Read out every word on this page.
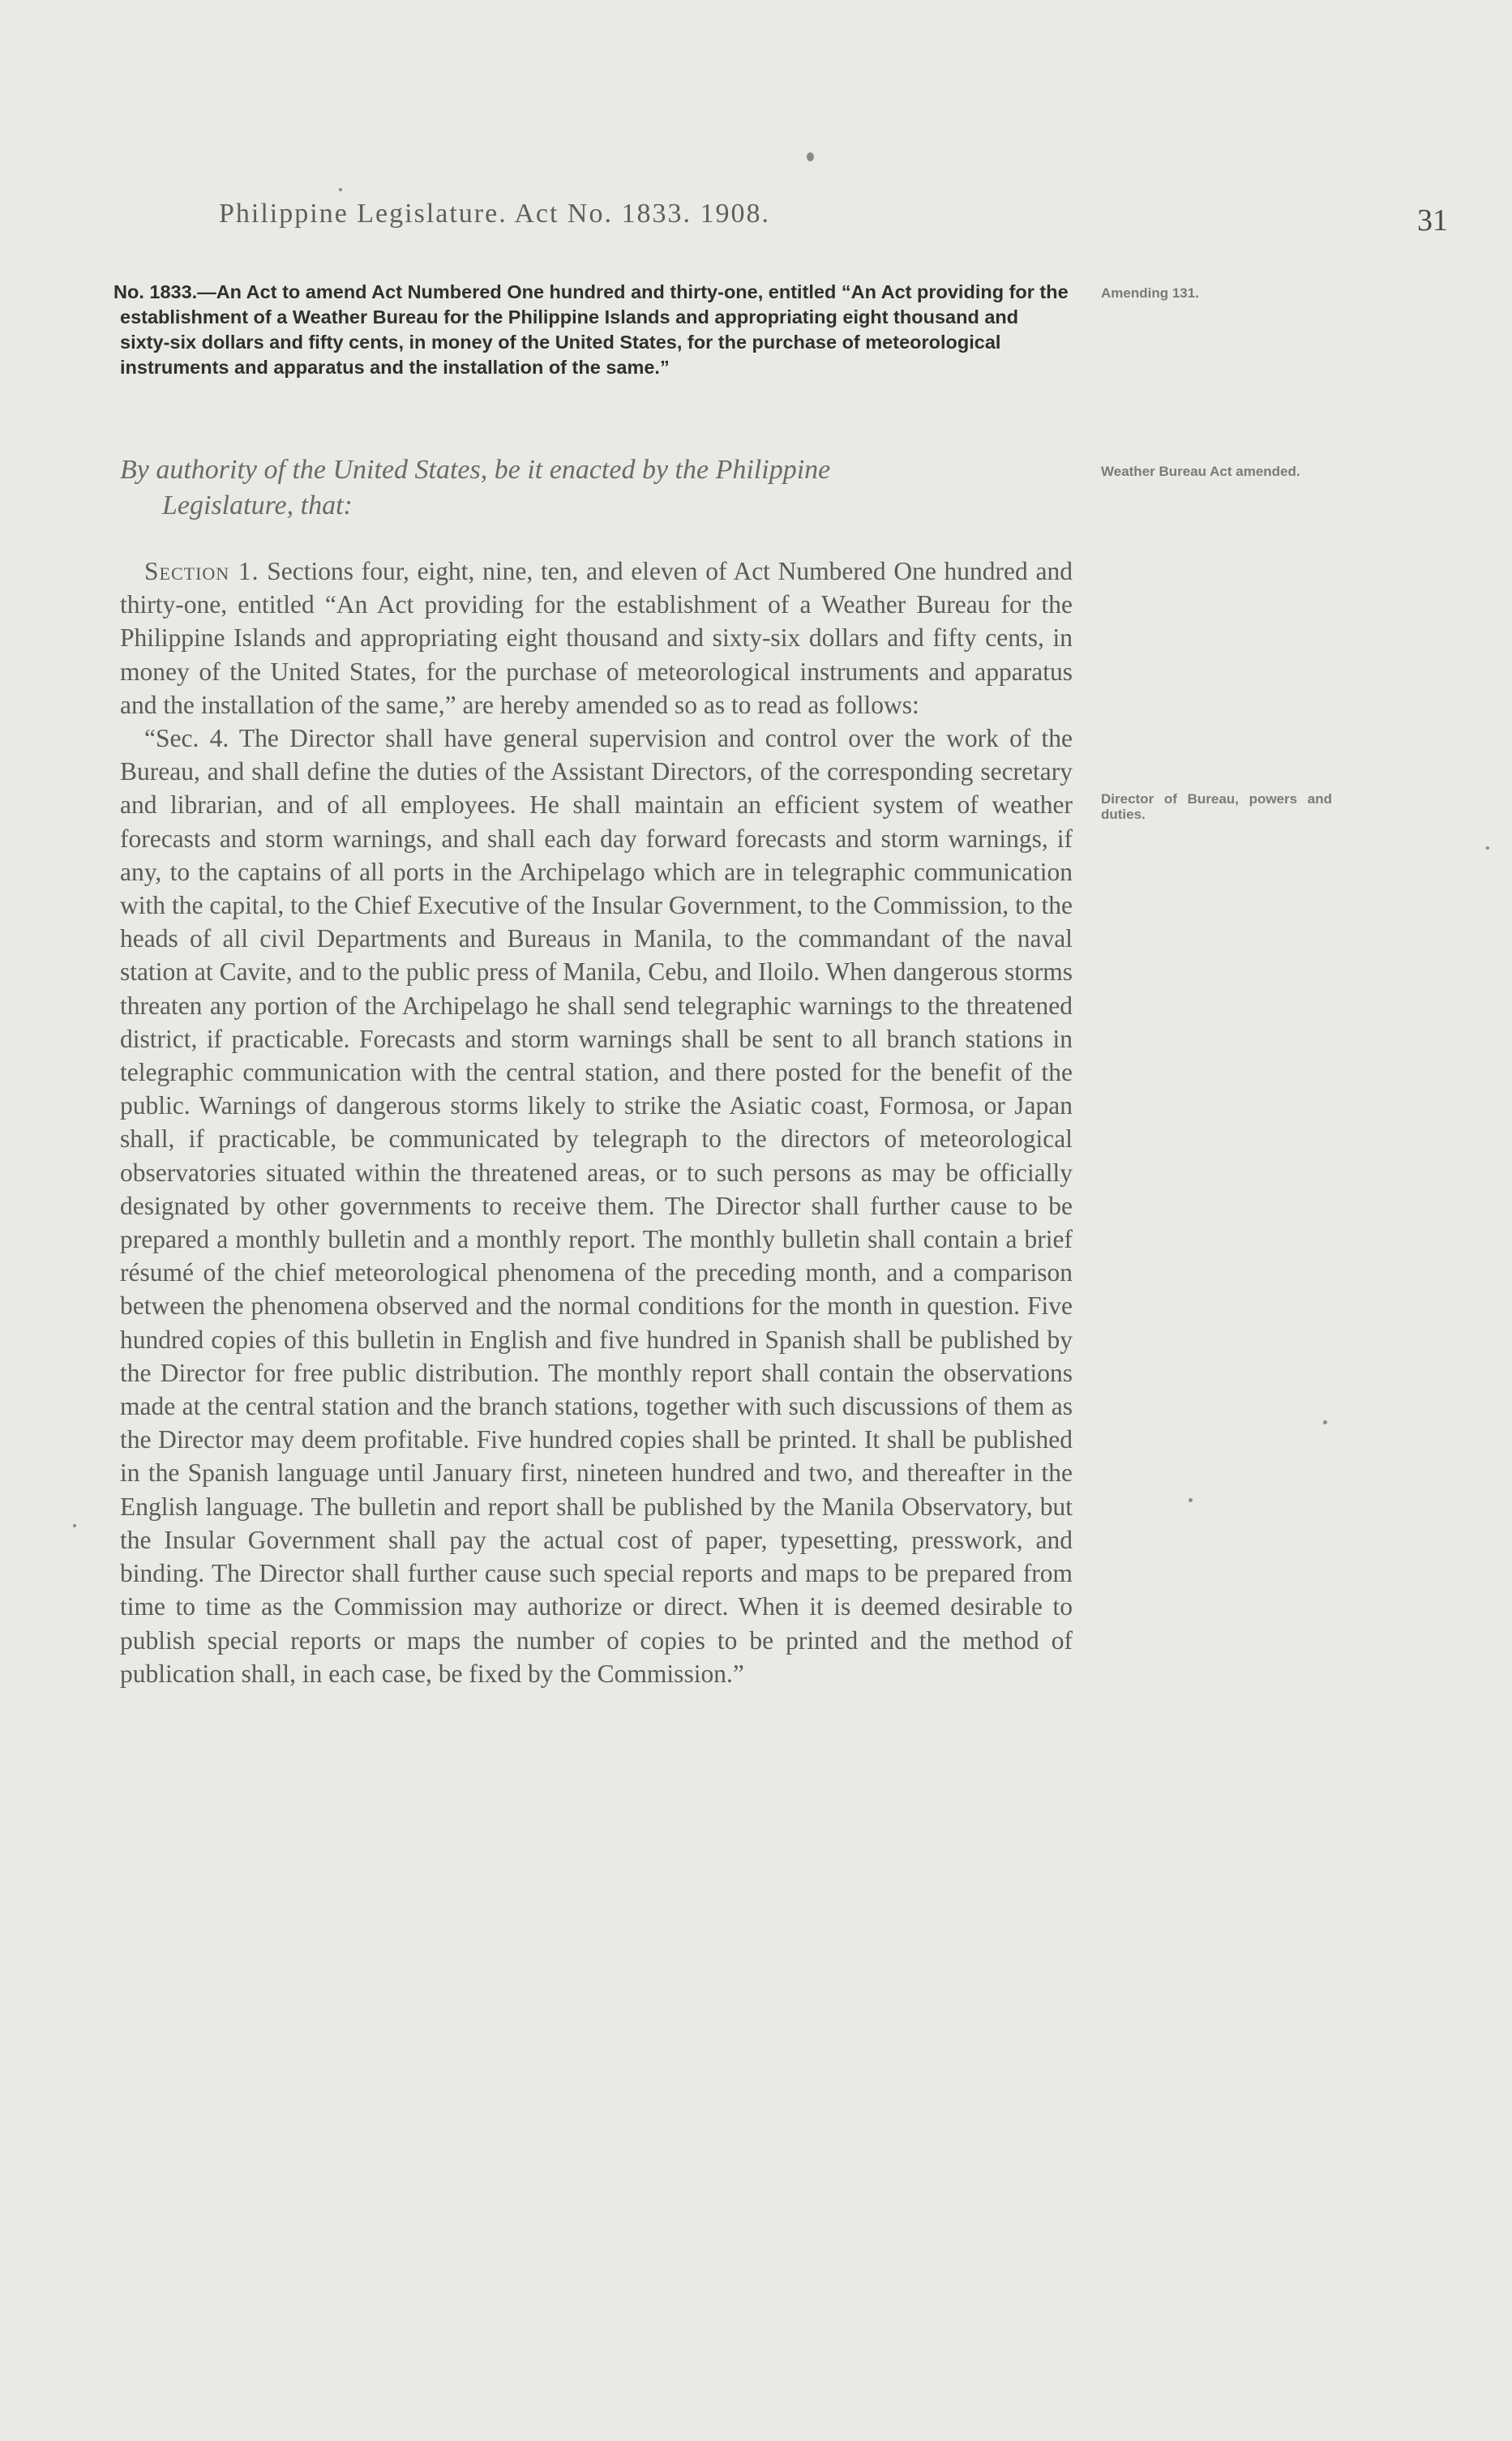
Philippine Legislature. Act No. 1833. 1908.	31

No. 1833.—An Act to amend Act Numbered One hundred and thirty-one, entitled “An Act providing for the establishment of a Weather Bureau for the Philippine Islands and appropriating eight thousand and sixty-six dollars and fifty cents, in money of the United States, for the purchase of meteorological instruments and apparatus and the installation of the same.”

By authority of the United States, be it enacted by the Philippine
Legislature, that:

Section 1. Sections four, eight, nine, ten, and eleven of Act Numbered One hundred and thirty-one, entitled “An Act providing for the establishment of a Weather Bureau for the Philippine Islands and appropriating eight thousand and sixty-six dollars and fifty cents, in money of the United States, for the purchase of meteorological instruments and apparatus and the installation of the same,” are hereby amended so as to read as follows:

“Sec. 4. The Director shall have general supervision and control over the work of the Bureau, and shall define the duties of the Assistant Directors, of the corresponding secretary and librarian, and of all employees. He shall maintain an efficient system of weather forecasts and storm warnings, and shall each day forward forecasts and storm warnings, if any, to the captains of all ports in the Archipelago which are in telegraphic communication with the capital, to the Chief Executive of the Insular Government, to the Commission, to the heads of all civil Departments and Bureaus in Manila, to the commandant of the naval station at Cavite, and to the public press of Manila, Cebu, and Iloilo. When dangerous storms threaten any portion of the Archipelago he shall send telegraphic warnings to the threatened district, if practicable. Forecasts and storm warnings shall be sent to all branch stations in telegraphic communication with the central station, and there posted for the benefit of the public. Warnings of dangerous storms likely to strike the Asiatic coast, Formosa, or Japan shall, if practicable, be communicated by telegraph to the directors of meteorological observatories situated within the threatened areas, or to such persons as may be officially designated by other governments to receive them. The Director shall further cause to be prepared a monthly bulletin and a monthly report. The monthly bulletin shall contain a brief résumé of the chief meteorological phenomena of the preceding month, and a comparison between the phenomena observed and the normal conditions for the month in question. Five hundred copies of this bulletin in English and five hundred in Spanish shall be published by the Director for free public distribution. The monthly report shall contain the observations made at the central station and the branch stations, together with such discussions of them as the Director may deem profitable. Five hundred copies shall be printed. It shall be published in the Spanish language until January first, nineteen hundred and two, and thereafter in the English language. The bulletin and report shall be published by the Manila Observatory, but the Insular Government shall pay the actual cost of paper, typesetting, presswork, and binding. The Director shall further cause such special reports and maps to be prepared from time to time as the Commission may authorize or direct. When it is deemed desirable to publish special reports or maps the number of copies to be printed and the method of publication shall, in each case, be fixed by the Commission.”

Amending 131.
Weather Bureau Act amended.
Director of Bureau, powers and duties.
